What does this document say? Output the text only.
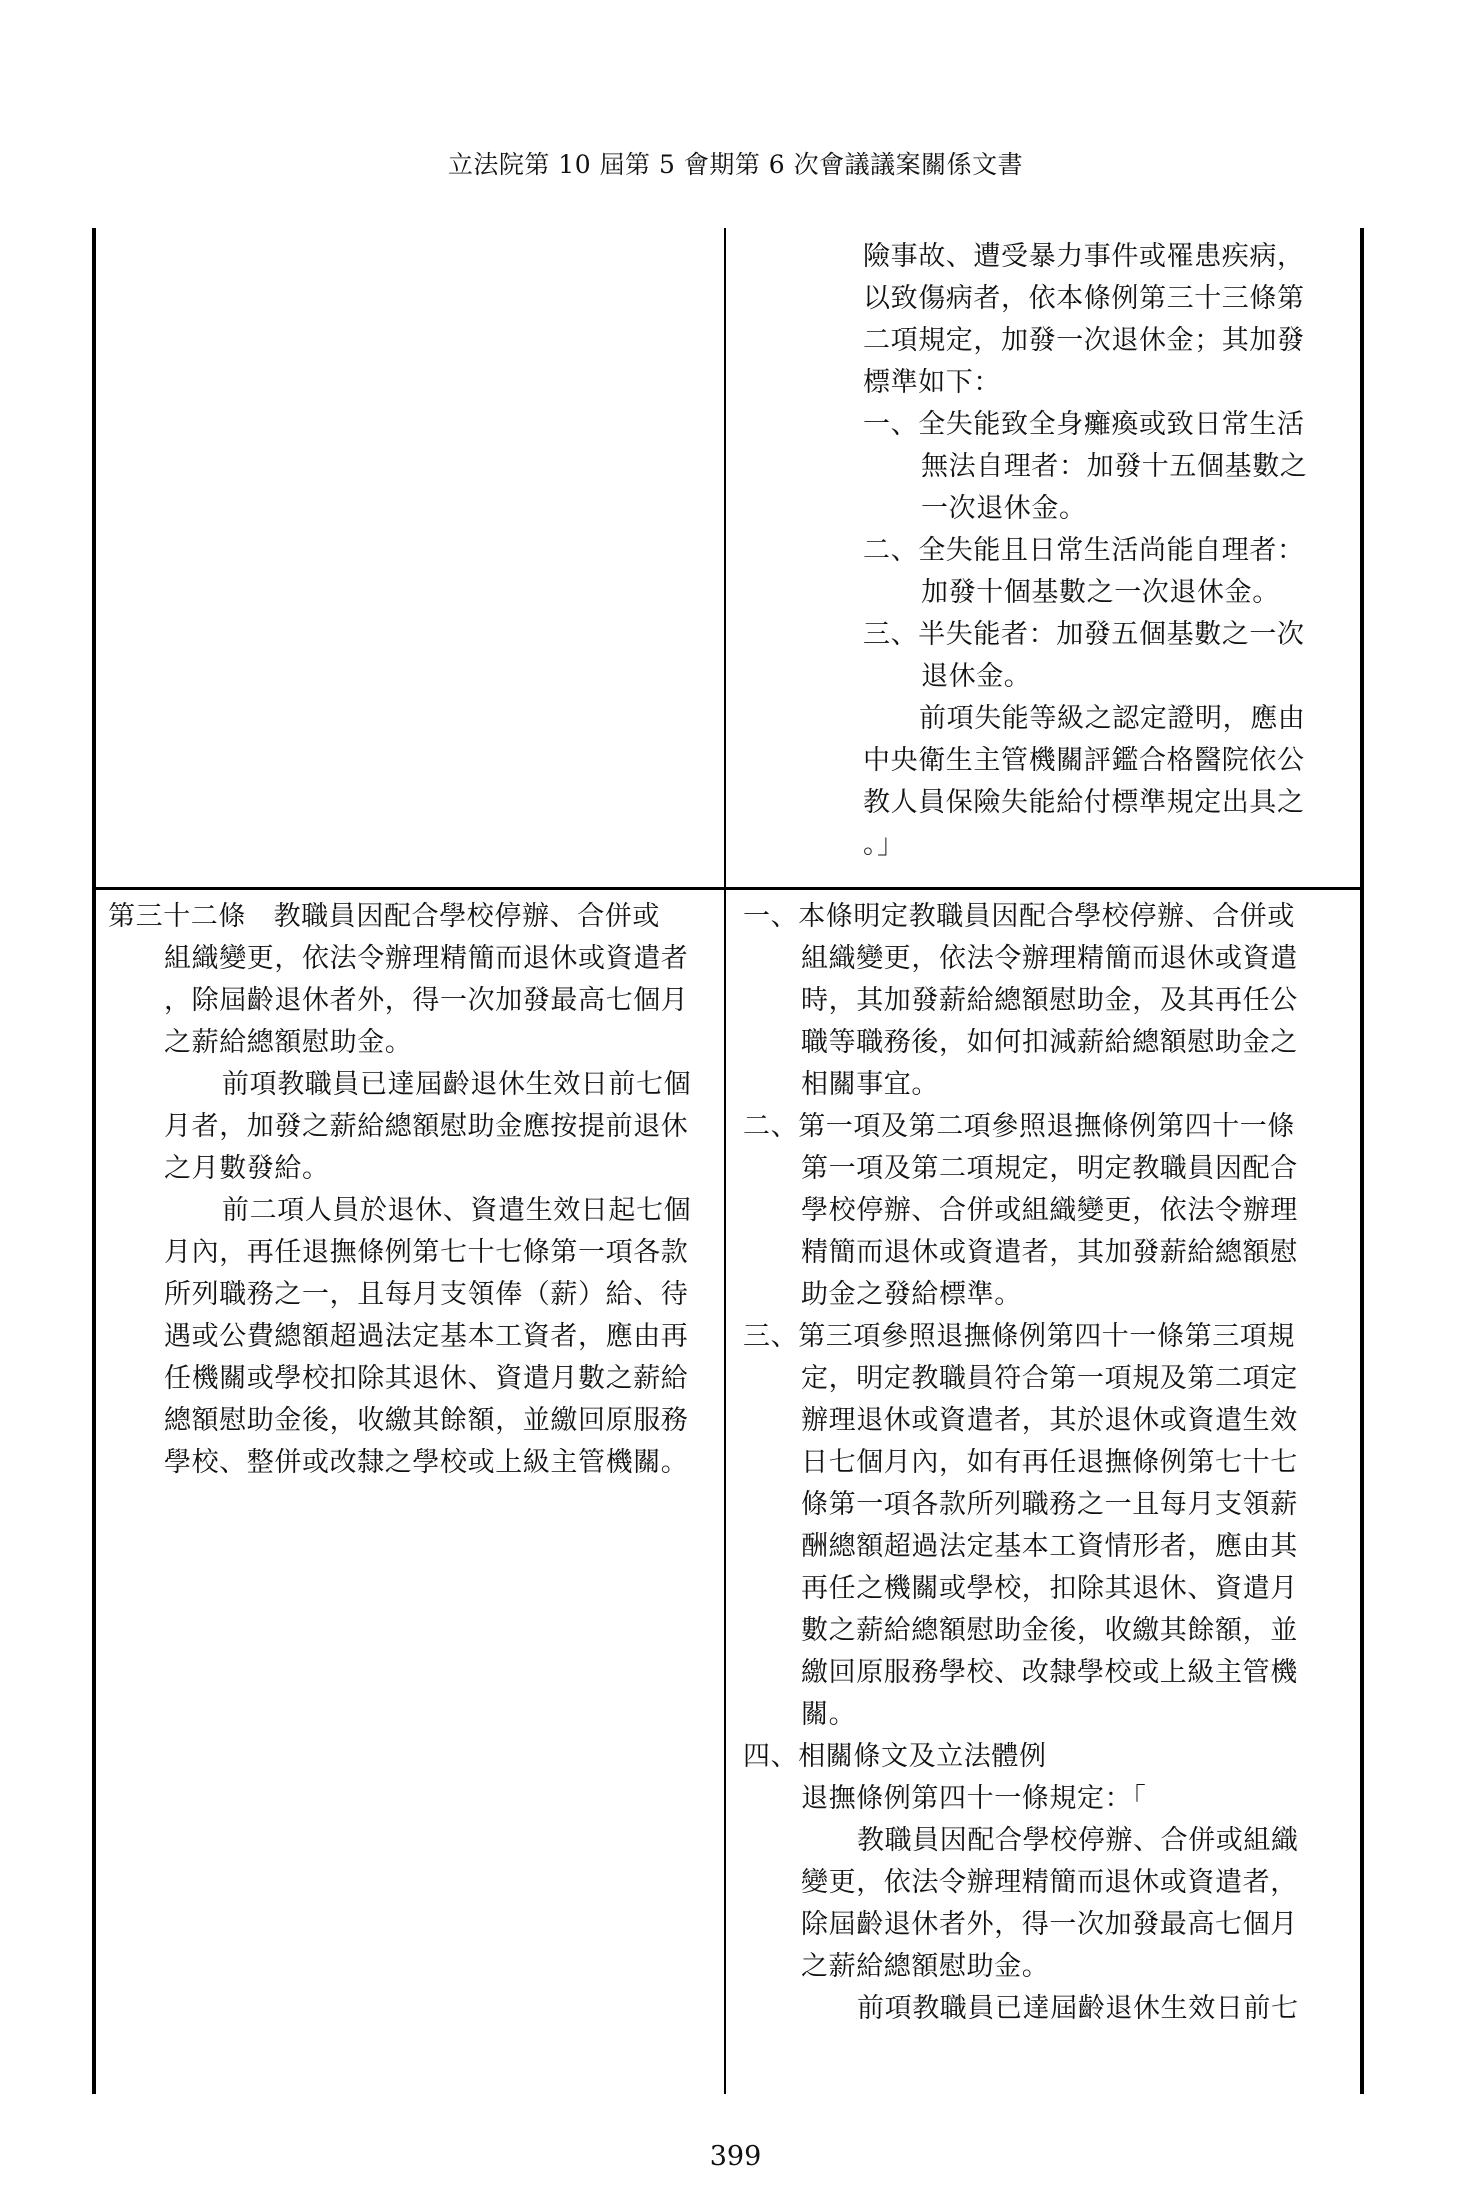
立法院第 10 屆第 5 會期第 6 次會議議案關係文書
險事故、遭受暴力事件或罹患疾病，
以致傷病者，依本條例第三十三條第
二項規定，加發一次退休金；其加發
標準如下：
一、全失能致全身癱瘓或致日常生活
無法自理者：加發十五個基數之
一次退休金。
二、全失能且日常生活尚能自理者：
加發十個基數之一次退休金。
三、半失能者：加發五個基數之一次
退休金。
前項失能等級之認定證明，應由
中央衛生主管機關評鑑合格醫院依公
教人員保險失能給付標準規定出具之
。」
第三十二條　教職員因配合學校停辦、合併或
組織變更，依法令辦理精簡而退休或資遣者
，除屆齡退休者外，得一次加發最高七個月
之薪給總額慰助金。
前項教職員已達屆齡退休生效日前七個
月者，加發之薪給總額慰助金應按提前退休
之月數發給。
前二項人員於退休、資遣生效日起七個
月內，再任退撫條例第七十七條第一項各款
所列職務之一，且每月支領俸（薪）給、待
遇或公費總額超過法定基本工資者，應由再
任機關或學校扣除其退休、資遣月數之薪給
總額慰助金後，收繳其餘額，並繳回原服務
學校、整併或改隸之學校或上級主管機關。
一、本條明定教職員因配合學校停辦、合併或
組織變更，依法令辦理精簡而退休或資遣
時，其加發薪給總額慰助金，及其再任公
職等職務後，如何扣減薪給總額慰助金之
相關事宜。
二、第一項及第二項參照退撫條例第四十一條
第一項及第二項規定，明定教職員因配合
學校停辦、合併或組織變更，依法令辦理
精簡而退休或資遣者，其加發薪給總額慰
助金之發給標準。
三、第三項參照退撫條例第四十一條第三項規
定，明定教職員符合第一項規及第二項定
辦理退休或資遣者，其於退休或資遣生效
日七個月內，如有再任退撫條例第七十七
條第一項各款所列職務之一且每月支領薪
酬總額超過法定基本工資情形者，應由其
再任之機關或學校，扣除其退休、資遣月
數之薪給總額慰助金後，收繳其餘額，並
繳回原服務學校、改隸學校或上級主管機
關。
四、相關條文及立法體例
退撫條例第四十一條規定：「
教職員因配合學校停辦、合併或組織
變更，依法令辦理精簡而退休或資遣者，
除屆齡退休者外，得一次加發最高七個月
之薪給總額慰助金。
前項教職員已達屆齡退休生效日前七
399
